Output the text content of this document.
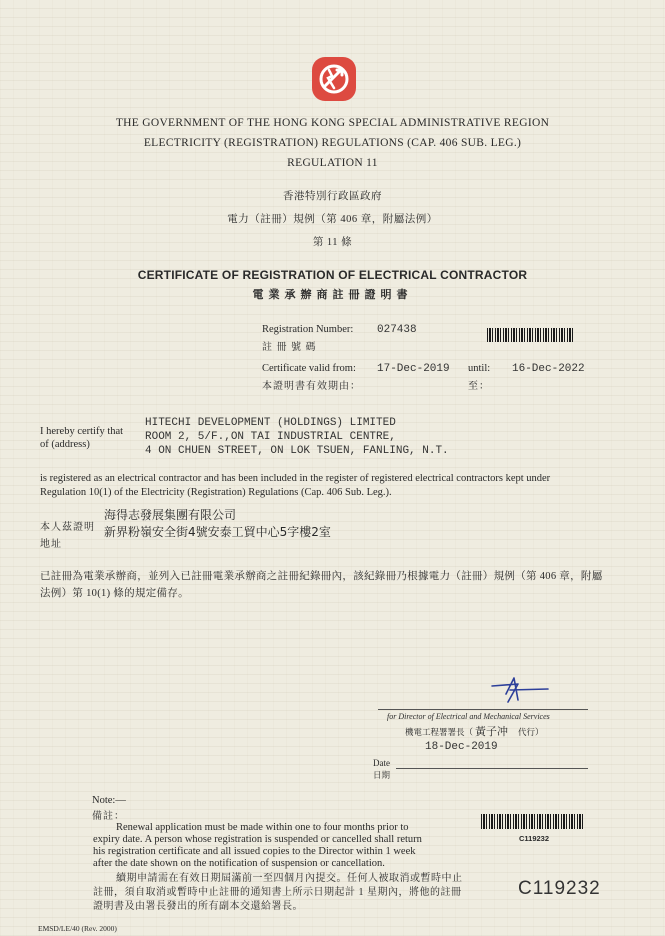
THE GOVERNMENT OF THE HONG KONG SPECIAL ADMINISTRATIVE REGION
ELECTRICITY (REGISTRATION) REGULATIONS (CAP. 406 SUB. LEG.)
REGULATION 11
香港特別行政區政府
電力（註冊）規例（第 406 章，附屬法例）
第 11 條
CERTIFICATE OF REGISTRATION OF ELECTRICAL CONTRACTOR
電業承辦商註冊證明書
Registration Number:
註 冊 號 碼
027438
Certificate valid from:
本證明書有效期由：
17-Dec-2019 until:
至：
16-Dec-2022
I hereby certify that
of (address)
HITECHI DEVELOPMENT (HOLDINGS) LIMITED
ROOM 2, 5/F.,ON TAI INDUSTRIAL CENTRE,
4 ON CHUEN STREET, ON LOK TSUEN, FANLING, N.T.
is registered as an electrical contractor and has been included in the register of registered electrical contractors kept under
Regulation 10(1) of the Electricity (Registration) Regulations (Cap. 406 Sub. Leg.).
本人茲證明
地址
海得志發展集團有限公司
新界粉嶺安全街4號安泰工貿中心5字樓2室
已註冊為電業承辦商，並列入已註冊電業承辦商之註冊紀錄冊內，該紀錄冊乃根據電力（註冊）規例（第 406 章，附屬
法例）第 10(1) 條的規定備存。
for Director of Electrical and Mechanical Services
機電工程署署長（ 黃子冲 代行）
18-Dec-2019
Date
日期
Note:—
備註：
Renewal application must be made within one to four months prior to
expiry date. A person whose registration is suspended or cancelled shall return
his registration certificate and all issued copies to the Director within 1 week
after the date shown on the notification of suspension or cancellation.
續期申請需在有效日期屆滿前一至四個月內提交。任何人被取消或暫時中止
註冊，須自取消或暫時中止註冊的通知書上所示日期起計 1 星期內，將他的註冊
證明書及由署長發出的所有副本交還給署長。
C119232
C119232
EMSD/LE/40 (Rev. 2000)
